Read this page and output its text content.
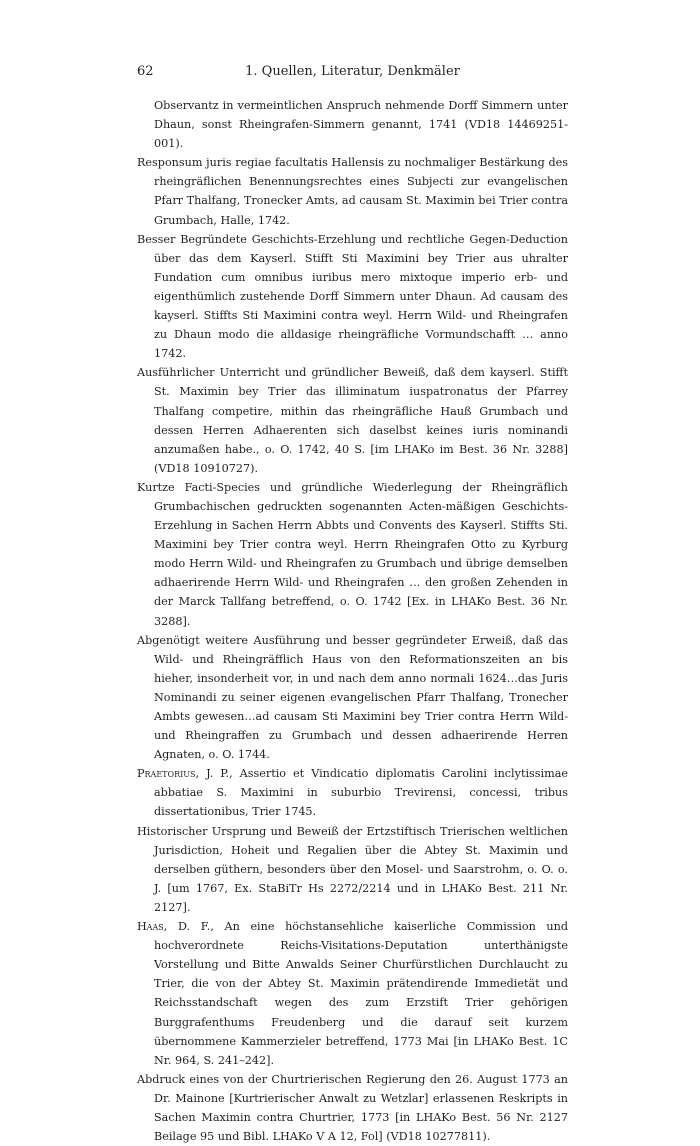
62	1. Quellen, Literatur, Denkmäler

Observantz in vermeintlichen Anspruch nehmende Dorff Simmern unter Dhaun, sonst Rheingrafen-Simmern genannt, 1741 (VD18 14469251-001).

Responsum juris regiae facultatis Hallensis zu nochmaliger Bestärkung des rheingräflichen Benennungsrechtes eines Subjecti zur evangelischen Pfarr Thalfang, Tronecker Amts, ad causam St. Maximin bei Trier contra Grumbach, Halle, 1742.

Besser Begründete Geschichts-Erzehlung und rechtliche Gegen-Deduction über das dem Kayserl. Stifft Sti Maximini bey Trier aus uhralter Fundation cum omnibus iuribus mero mixtoque imperio erb- und eigenthümlich zustehende Dorff Simmern unter Dhaun. Ad causam des kayserl. Stiffts Sti Maximini contra weyl. Herrn Wild- und Rheingrafen zu Dhaun modo die alldasige rheingräfliche Vormundschafft … anno 1742.

Ausführlicher Unterricht und gründlicher Beweiß, daß dem kayserl. Stifft St. Maximin bey Trier das illiminatum iuspatronatus der Pfarrey Thalfang competire, mithin das rheingräfliche Hauß Grumbach und dessen Herren Adhaerenten sich daselbst keines iuris nominandi anzumaßen habe., o. O. 1742, 40 S. [im LHAKo im Best. 36 Nr. 3288] (VD18 10910727).

Kurtze Facti-Species und gründliche Wiederlegung der Rheingräflich Grumbachischen gedruckten sogenannten Acten-mäßigen Geschichts-Erzehlung in Sachen Herrn Abbts und Convents des Kayserl. Stiffts Sti. Maximini bey Trier contra weyl. Herrn Rheingrafen Otto zu Kyrburg modo Herrn Wild- und Rheingrafen zu Grumbach und übrige demselben adhaerirende Herrn Wild- und Rheingrafen … den großen Zehenden in der Marck Tallfang betreffend, o. O. 1742 [Ex. in LHAKo Best. 36 Nr. 3288].

Abgenötigt weitere Ausführung und besser gegründeter Erweiß, daß das Wild- und Rheingräfflich Haus von den Reformationszeiten an bis hieher, insonderheit vor, in und nach dem anno normali 1624…das Juris Nominandi zu seiner eigenen evangelischen Pfarr Thalfang, Tronecher Ambts gewesen…ad causam Sti Maximini bey Trier contra Herrn Wild- und Rheingraffen zu Grumbach und dessen adhaerirende Herren Agnaten, o. O. 1744.

Praetorius, J. P., Assertio et Vindicatio diplomatis Carolini inclytissimae abbatiae S. Maximini in suburbio Trevirensi, concessi, tribus dissertationibus, Trier 1745.

Historischer Ursprung und Beweiß der Ertzstiftisch Trierischen weltlichen Jurisdiction, Hoheit und Regalien über die Abtey St. Maximin und derselben güthern, besonders über den Mosel- und Saarstrohm, o. O. o. J. [um 1767, Ex. StaBiTr Hs 2272/2214 und in LHAKo Best. 211 Nr. 2127].

Haas, D. F., An eine höchstansehliche kaiserliche Commission und hochverordnete Reichs-Visitations-Deputation unterthänigste Vorstellung und Bitte Anwalds Seiner Churfürstlichen Durchlaucht zu Trier, die von der Abtey St. Maximin prätendirende Immedietät und Reichsstandschaft wegen des zum Erzstift Trier gehörigen Burggrafenthums Freudenberg und die darauf seit kurzem übernommene Kammerzieler betreffend, 1773 Mai [in LHAKo Best. 1C Nr. 964, S. 241–242].

Abdruck eines von der Churtrierischen Regierung den 26. August 1773 an Dr. Mainone [Kurtrierischer Anwalt zu Wetzlar] erlassenen Reskripts in Sachen Maximin contra Churtrier, 1773 [in LHAKo Best. 56 Nr. 2127 Beilage 95 und Bibl. LHAKo V A 12, Fol] (VD18 10277811).
